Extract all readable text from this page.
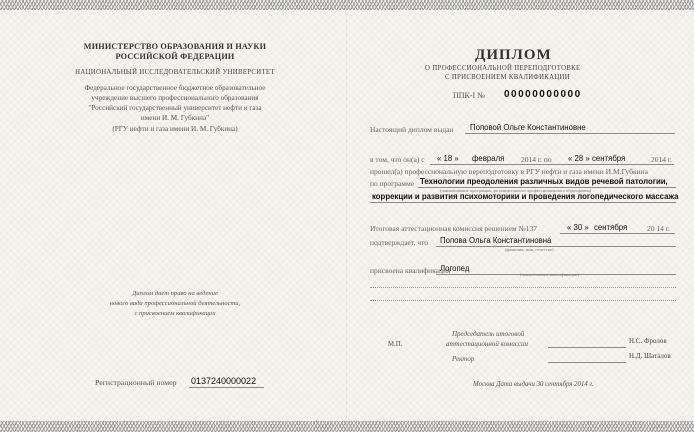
МИНИСТЕРСТВО ОБРАЗОВАНИЯ И НАУКИ
РОССИЙСКОЙ ФЕДЕРАЦИИ
НАЦИОНАЛЬНЫЙ ИССЛЕДОВАТЕЛЬСКИЙ УНИВЕРСИТЕТ
Федеральное государственное бюджетное образовательное
учреждение высшего профессионального образования
"Российский государственный университет нефти и газа
имени И. М. Губкина"
(РГУ нефти и газа имени И. М. Губкина)
Диплом дает право на ведение
нового вида профессиональной деятельности,
с присвоением квалификации
Регистрационный номер 0137240000022
ДИПЛОМ
О ПРОФЕССИОНАЛЬНОЙ ПЕРЕПОДГОТОВКЕ
С ПРИСВОЕНИЕМ КВАЛИФИКАЦИИ
ППК-I № 00000000000
Настоящий диплом выдан Поповой Ольге Константиновне
в том, что он(а) с « 18 » февраля 2014 г. по « 28 » сентября	2014 г.
прошел(а) профессиональную переподготовку в РГУ нефти и газа имени И.М.Губкина
по программе Технологии преодоления различных видов речевой патологии,
(наименование программы дополнительного профессионального образования)
коррекции и развития психомоторики и проведения логопедического массажа
Итоговая аттестационная комиссия решением №137	« 30 » сентября	20 14 г.
подтверждает, что Попова Ольга Константиновна
(фамилия, имя, отчество)
присвоена квалификация
Логопед
(наименование квалификации)
Председатель итоговой
аттестационной комиссии
М.П.	Н.С. Фролов
Ректор	Н.Д. Шаталов
Москва Дата выдачи 30 сентября 2014 г.
